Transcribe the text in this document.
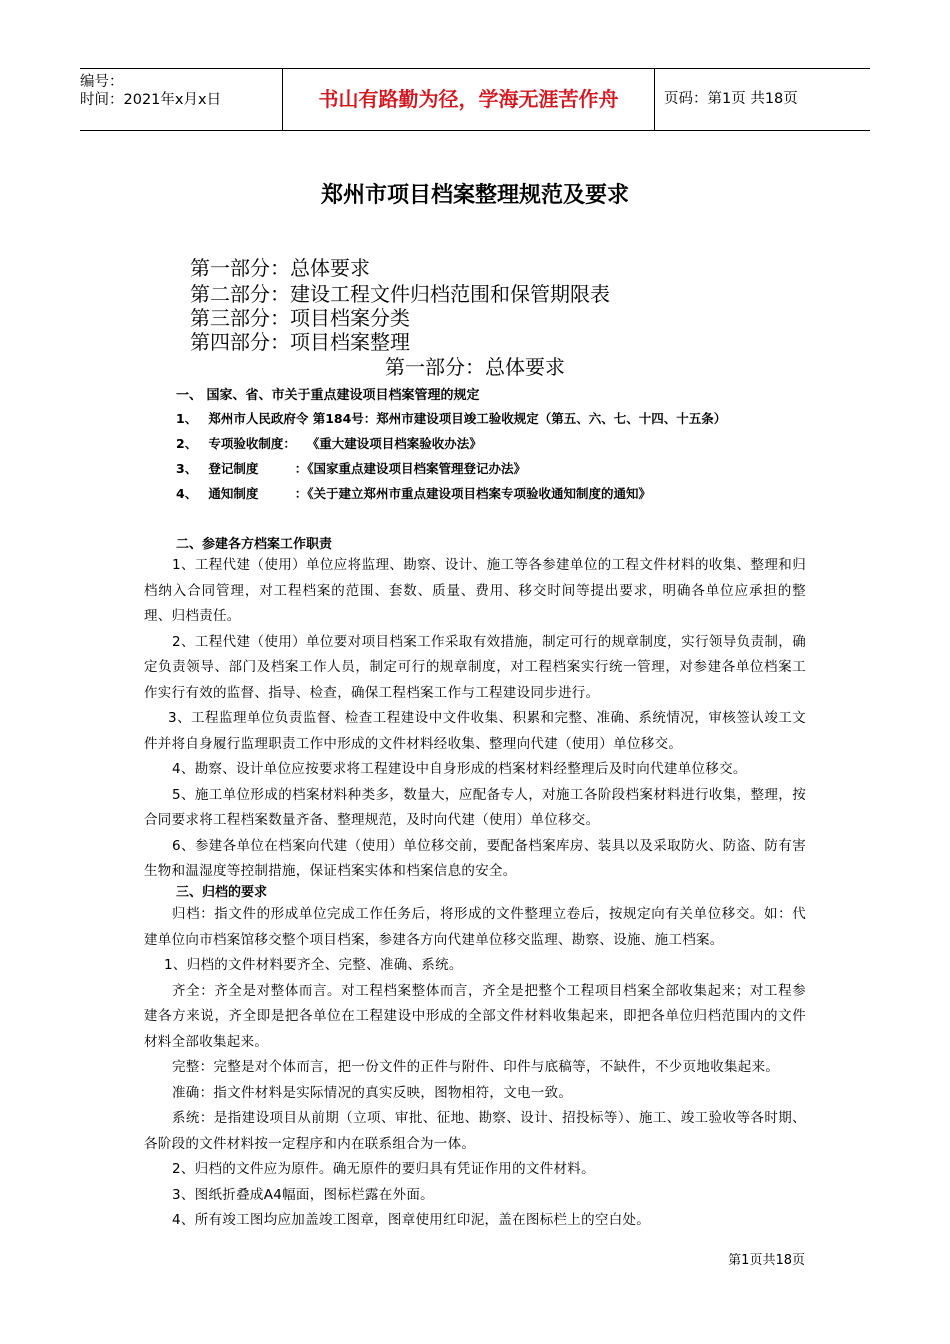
编号：
时间：2021年x月x日	书山有路勤为径，学海无涯苦作舟	页码：第1页 共18页
郑州市项目档案整理规范及要求
第一部分：总体要求
第二部分：建设工程文件归档范围和保管期限表
第三部分：项目档案分类
第四部分：项目档案整理
第一部分：总体要求
一、 国家、省、市关于重点建设项目档案管理的规定
1、 郑州市人民政府令 第184号：郑州市建设项目竣工验收规定（第五、六、七、十四、十五条）
2、 专项验收制度： 《重大建设项目档案验收办法》
3、 登记制度	：《国家重点建设项目档案管理登记办法》
4、 通知制度	：《关于建立郑州市重点建设项目档案专项验收通知制度的通知》
二、参建各方档案工作职责

1、工程代建（使用）单位应将监理、勘察、设计、施工等各参建单位的工程文件材料的收集、整理和归档纳入合同管理，对工程档案的范围、套数、质量、费用、移交时间等提出要求，明确各单位应承担的整理、归档责任。

2、工程代建（使用）单位要对项目档案工作采取有效措施，制定可行的规章制度，实行领导负责制，确定负责领导、部门及档案工作人员，制定可行的规章制度，对工程档案实行统一管理，对参建各单位档案工作实行有效的监督、指导、检查，确保工程档案工作与工程建设同步进行。

3、工程监理单位负责监督、检查工程建设中文件收集、积累和完整、准确、系统情况，审核签认竣工文件并将自身履行监理职责工作中形成的文件材料经收集、整理向代建（使用）单位移交。

4、勘察、设计单位应按要求将工程建设中自身形成的档案材料经整理后及时向代建单位移交。

5、施工单位形成的档案材料种类多，数量大，应配备专人，对施工各阶段档案材料进行收集，整理，按合同要求将工程档案数量齐备、整理规范，及时向代建（使用）单位移交。

6、参建各单位在档案向代建（使用）单位移交前，要配备档案库房、装具以及采取防火、防盗、防有害生物和温湿度等控制措施，保证档案实体和档案信息的安全。

三、归档的要求

归档：指文件的形成单位完成工作任务后，将形成的文件整理立卷后，按规定向有关单位移交。如：代建单位向市档案馆移交整个项目档案，参建各方向代建单位移交监理、勘察、设施、施工档案。

1、归档的文件材料要齐全、完整、准确、系统。

齐全：齐全是对整体而言。对工程档案整体而言，齐全是把整个工程项目档案全部收集起来；对工程参建各方来说，齐全即是把各单位在工程建设中形成的全部文件材料收集起来，即把各单位归档范围内的文件材料全部收集起来。

完整：完整是对个体而言，把一份文件的正件与附件、印件与底稿等，不缺件，不少页地收集起来。

准确：指文件材料是实际情况的真实反映，图物相符，文电一致。

系统：是指建设项目从前期（立项、审批、征地、勘察、设计、招投标等）、施工、竣工验收等各时期、各阶段的文件材料按一定程序和内在联系组合为一体。

2、归档的文件应为原件。确无原件的要归具有凭证作用的文件材料。

3、图纸折叠成A4幅面，图标栏露在外面。

4、所有竣工图均应加盖竣工图章，图章使用红印泥，盖在图标栏上的空白处。

第1页共18页
